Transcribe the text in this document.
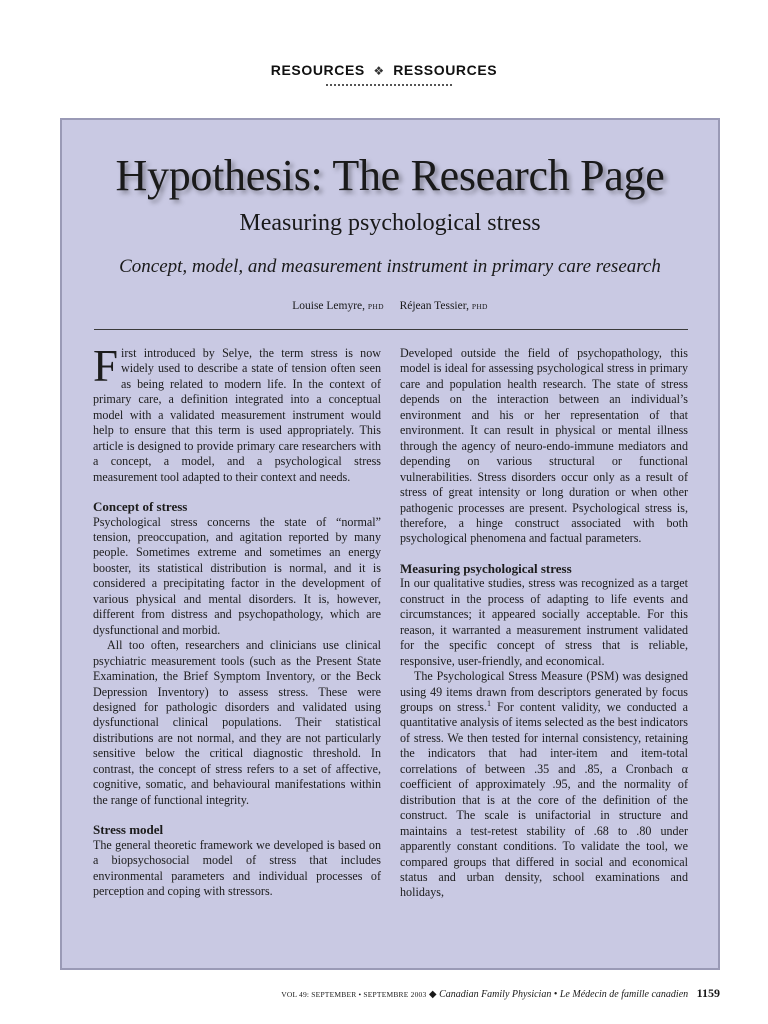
RESOURCES ❖ RESSOURCES
Hypothesis: The Research Page
Measuring psychological stress
Concept, model, and measurement instrument in primary care research
Louise Lemyre, PHD Réjean Tessier, PHD

First introduced by Selye, the term stress is now widely used to describe a state of tension often seen as being related to modern life. In the context of primary care, a definition integrated into a conceptual model with a validated measurement instrument would help to ensure that this term is used appropriately. This article is designed to provide primary care researchers with a concept, a model, and a psychological stress measurement tool adapted to their context and needs.

Concept of stress

Psychological stress concerns the state of “normal” tension, preoccupation, and agitation reported by many people. Sometimes extreme and sometimes an energy booster, its statistical distribution is normal, and it is considered a precipitating factor in the development of various physical and mental disorders. It is, however, different from distress and psychopathology, which are dysfunctional and morbid.

All too often, researchers and clinicians use clinical psychiatric measurement tools (such as the Present State Examination, the Brief Symptom Inventory, or the Beck Depression Inventory) to assess stress. These were designed for pathologic disorders and validated using dysfunctional clinical populations. Their statistical distributions are not normal, and they are not particularly sensitive below the critical diagnostic threshold. In contrast, the concept of stress refers to a set of affective, cognitive, somatic, and behavioural manifestations within the range of functional integrity.

Stress model

The general theoretic framework we developed is based on a biopsychosocial model of stress that includes environmental parameters and individual processes of perception and coping with stressors.

Developed outside the field of psychopathology, this model is ideal for assessing psychological stress in primary care and population health research. The state of stress depends on the interaction between an individual’s environment and his or her representation of that environment. It can result in physical or mental illness through the agency of neuro-endo-immune mediators and depending on various structural or functional vulnerabilities. Stress disorders occur only as a result of stress of great intensity or long duration or when other pathogenic processes are present. Psychological stress is, therefore, a hinge construct associated with both psychological phenomena and factual parameters.

Measuring psychological stress

In our qualitative studies, stress was recognized as a target construct in the process of adapting to life events and circumstances; it appeared socially acceptable. For this reason, it warranted a measurement instrument validated for the specific concept of stress that is reliable, responsive, user-friendly, and economical.

The Psychological Stress Measure (PSM) was designed using 49 items drawn from descriptors generated by focus groups on stress.$^1$ For content validity, we conducted a quantitative analysis of items selected as the best indicators of stress. We then tested for internal consistency, retaining the indicators that had inter-item and item-total correlations of between .35 and .85, a Cronbach α coefficient of approximately .95, and the normality of distribution that is at the core of the definition of the construct. The scale is unifactorial in structure and maintains a test-retest stability of .68 to .80 under apparently constant conditions. To validate the tool, we compared groups that differed in social and economical status and urban density, school examinations and holidays,

VOL 49: SEPTEMBER • SEPTEMBRE 2003 ◆ Canadian Family Physician • Le Médecin de famille canadien 1159
